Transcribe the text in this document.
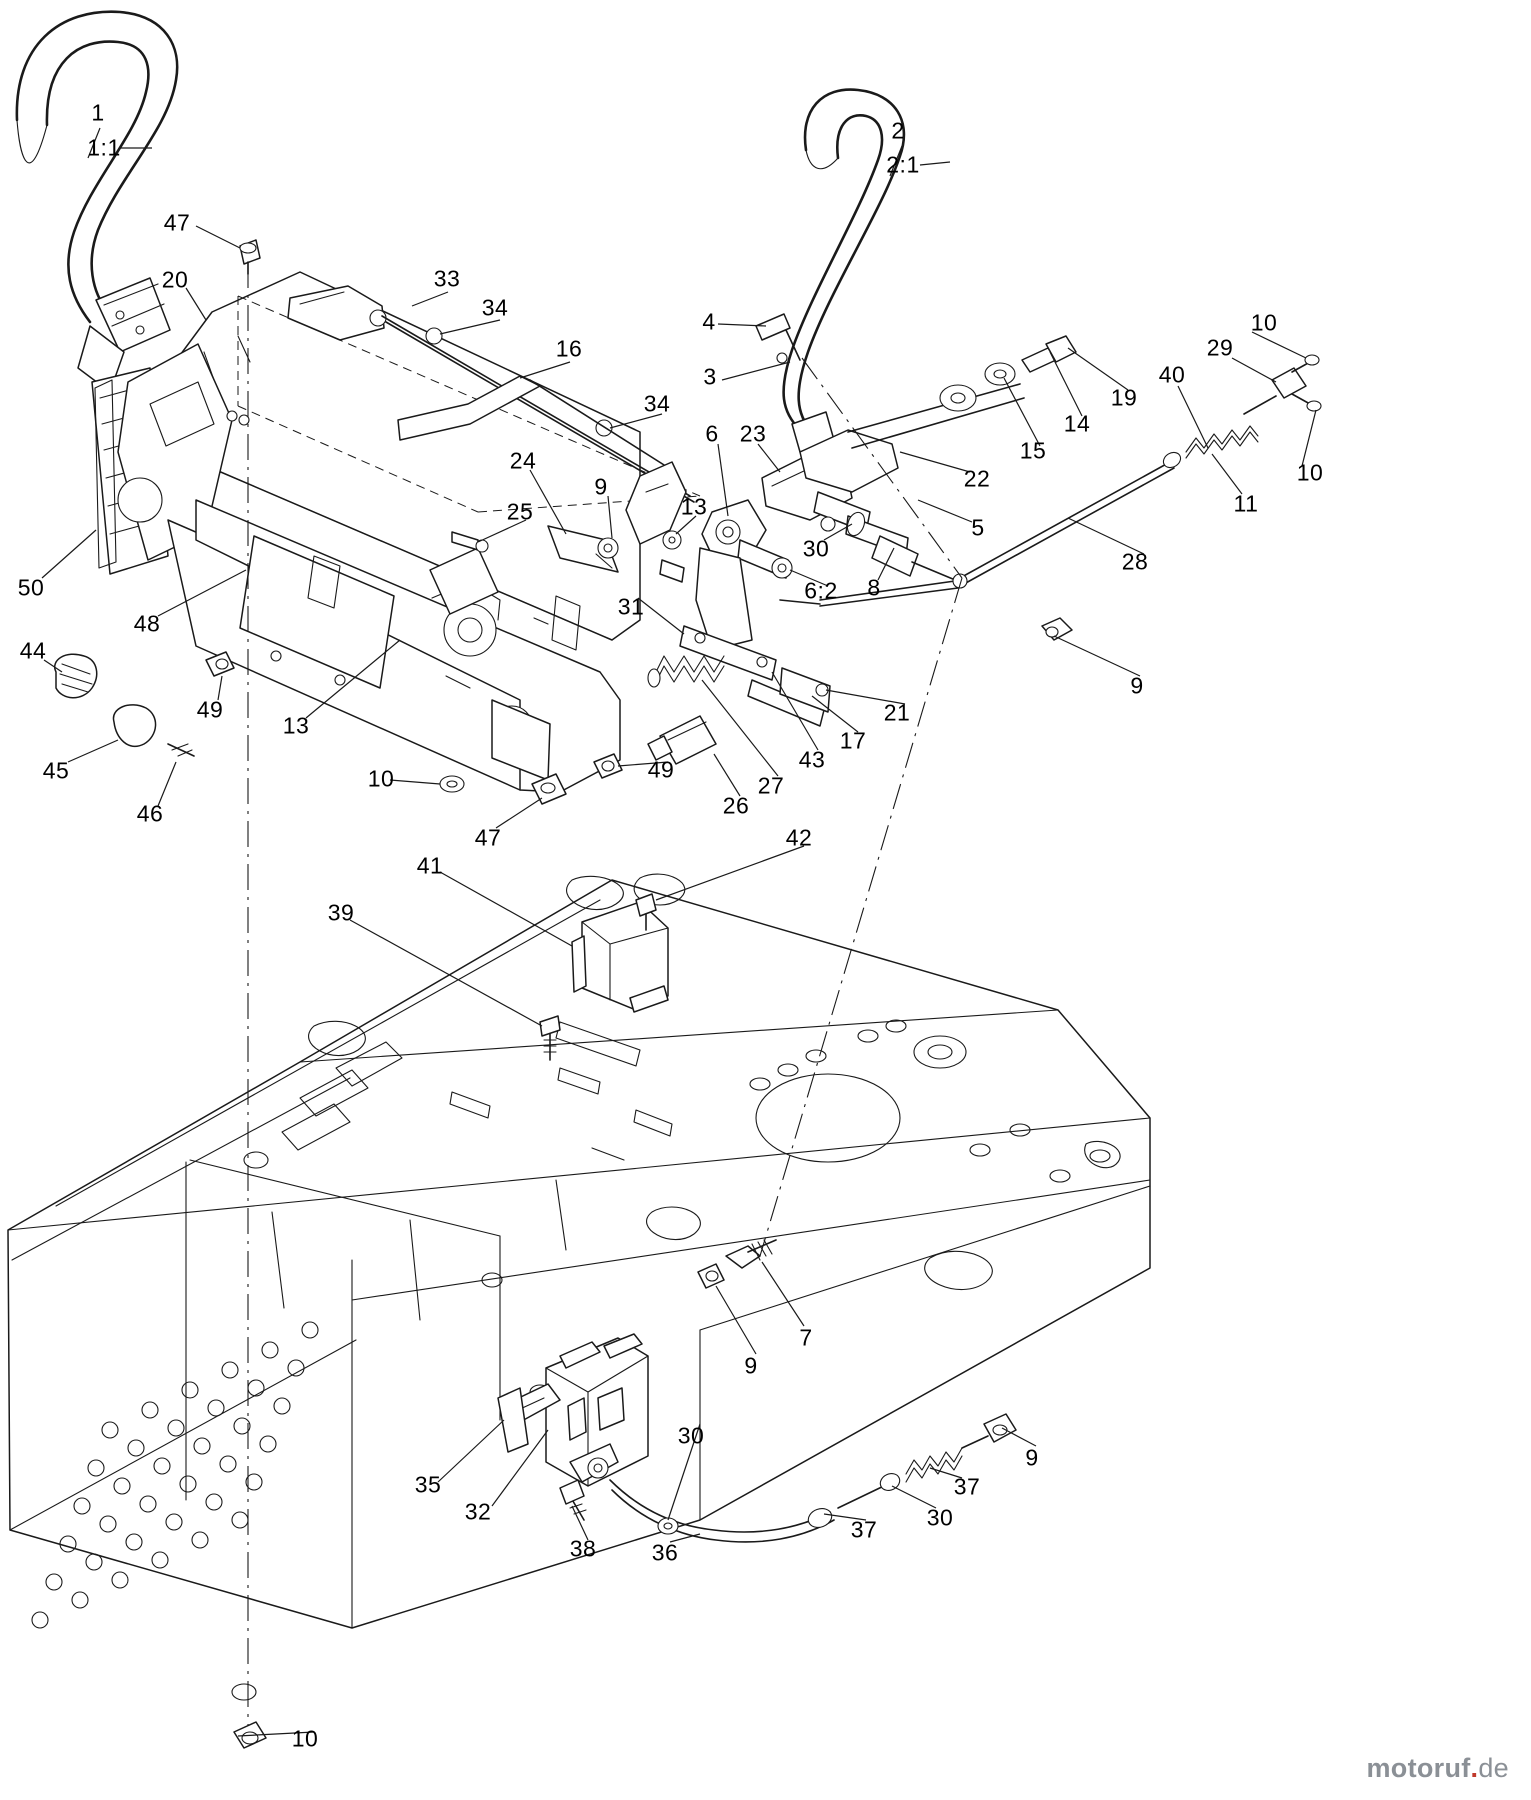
1
1:1
2
2:1
47
20	33
34
4	10
29
16
3	40
19
34
14
10
6 23
15
24
22
11
9
13
25
5
30	28
8
50	6:2
31
48
44
9
49	21
13
17
45	43
10	49
27
46	26
47	42
41
39
7
9
30
9
37
35
32	30
37
38 36
10
motoruf.de
